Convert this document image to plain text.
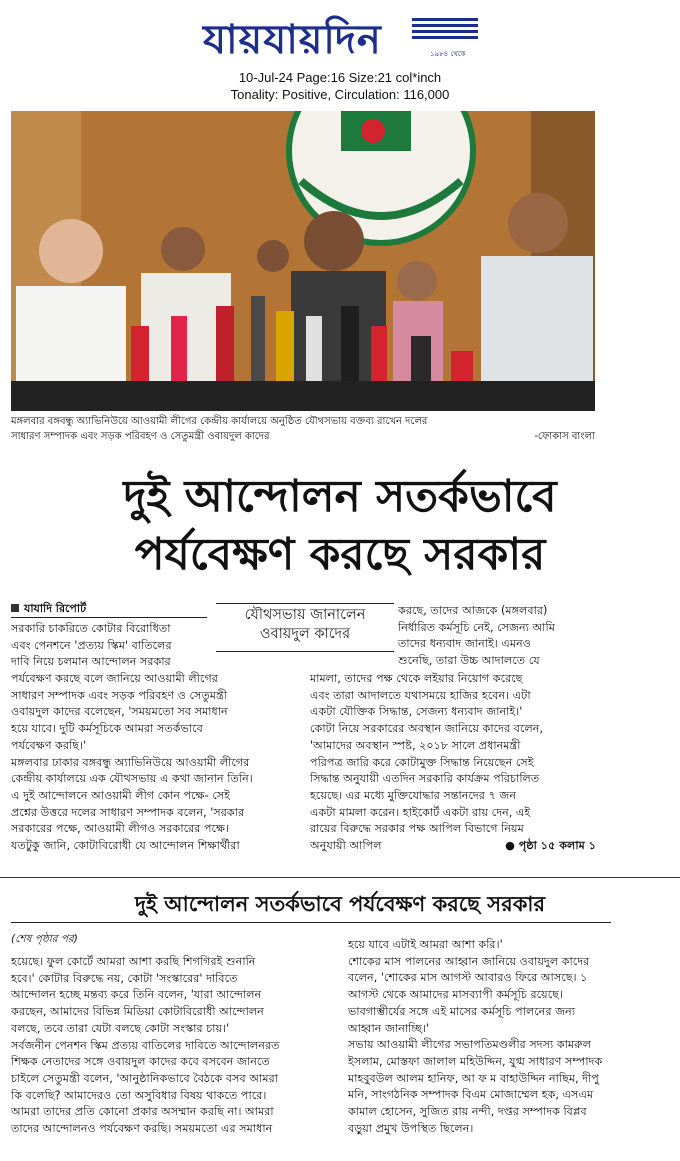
যায়যায়দিন	১৯৮৪ থেকে
10-Jul-24 Page:16 Size:21 col*inch
Tonality: Positive, Circulation: 116,000
মঙ্গলবার বঙ্গবন্ধু অ্যাভিনিউয়ে আওয়ামী লীগের কেন্দ্রীয় কার্যালয়ে অনুষ্ঠিত যৌথসভায় বক্তব্য রাখেন দলের
সাধারণ সম্পাদক এবং সড়ক পরিবহণ ও সেতুমন্ত্রী ওবায়দুল কাদের	-ফোকাস বাংলা
দুই আন্দোলন সতর্কভাবে
পর্যবেক্ষণ করছে সরকার
যাযাদি রিপোর্ট	যৌথসভায় জানালেন
ওবায়দুল কাদের
সরকারি চাকরিতে কোটার বিরোধিতা
এবং পেনশনে 'প্রত্যয় স্কিম' বাতিলের
দাবি নিয়ে চলমান আন্দোলন সরকার
পর্যবেক্ষণ করছে বলে জানিয়ে আওয়ামী লীগের
সাধারণ সম্পাদক এবং সড়ক পরিবহণ ও সেতুমন্ত্রী
ওবায়দুল কাদের বলেছেন, 'সময়মতো সব সমাধান
হয়ে যাবে। দুটি কর্মসূচিকে আমরা সতর্কভাবে
পর্যবেক্ষণ করছি।'
মঙ্গলবার ঢাকার বঙ্গবন্ধু অ্যাভিনিউয়ে আওয়ামী লীগের
কেন্দ্রীয় কার্যালয়ে এক যৌথসভায় এ কথা জানান তিনি।
এ দুই আন্দোলনে আওয়ামী লীগ কোন পক্ষে- সেই
প্রশ্নের উত্তরে দলের সাধারণ সম্পাদক বলেন, 'সরকার
সরকারের পক্ষে, আওয়ামী লীগও সরকারের পক্ষে।
যতটুকু জানি, কোটাবিরোধী যে আন্দোলন শিক্ষার্থীরা
করছে, তাদের আজকে (মঙ্গলবার)
নির্ধারিত কর্মসূচি নেই, সেজন্য আমি
তাদের ধন্যবাদ জানাই। এমনও
শুনেছি, তারা উচ্চ আদালতে যে
মামলা, তাদের পক্ষ থেকে লইয়ার নিয়োগ করেছে
এবং তারা আদালতে যথাসময়ে হাজির হবেন। এটা
একটা যৌক্তিক সিদ্ধান্ত, সেজন্য ধন্যবাদ জানাই।'
কোটা নিয়ে সরকারের অবস্থান জানিয়ে কাদের বলেন,
'আমাদের অবস্থান স্পষ্ট, ২০১৮ সালে প্রধানমন্ত্রী
পরিপত্র জারি করে কোটামুক্ত সিদ্ধান্ত নিয়েছেন সেই
সিদ্ধান্ত অনুযায়ী এতদিন সরকারি কার্যক্রম পরিচালিত
হয়েছে। এর মধ্যে মুক্তিযোদ্ধার সন্তানদের ৭ জন
একটা মামলা করেন। হাইকোর্ট একটা রায় দেন, এই
রায়ের বিরুদ্ধে সরকার পক্ষ আপিল বিভাগে নিয়ম
অনুযায়ী আপিল	● পৃষ্ঠা ১৫ কলাম ১
দুই আন্দোলন সতর্কভাবে পর্যবেক্ষণ করছে সরকার
(শেষ পৃষ্ঠার পর)
হয়েছে। ফুল কোর্টে আমরা আশা করছি শিগগিরই শুনানি
হবে।' কোটার বিরুদ্ধে নয়, কোটা 'সংস্কারের' দাবিতে
আন্দোলন হচ্ছে মন্তব্য করে তিনি বলেন, 'যারা আন্দোলন
করছেন, আমাদের বিভিন্ন মিডিয়া কোটাবিরোধী আন্দোলন
বলছে, তবে তারা যেটা বলছে কোটা সংস্কার চায়।'
সর্বজনীন পেনশন স্কিম প্রত্যয় বাতিলের দাবিতে আন্দোলনরত
শিক্ষক নেতাদের সঙ্গে ওবায়দুল কাদের কবে বসবেন জানতে
চাইলে সেতুমন্ত্রী বলেন, 'আনুষ্ঠানিকভাবে বৈঠকে বসব আমরা
কি বলেছি? আমাদেরও তো অসুবিধার বিষয় থাকতে পারে।
আমরা তাদের প্রতি কোনো প্রকার অসম্মান করছি না। আমরা
তাদের আন্দোলনও পর্যবেক্ষণ করছি। সময়মতো এর সমাধান
হয়ে যাবে এটাই আমরা আশা করি।'
শোকের মাস পালনের আহ্বান জানিয়ে ওবায়দুল কাদের
বলেন, 'শোকের মাস আগস্ট আবারও ফিরে আসছে। ১
আগস্ট থেকে আমাদের মাসব্যাপী কর্মসূচি রয়েছে।
ভাবগাম্ভীর্যের সঙ্গে এই মাসের কর্মসূচি পালনের জন্য
আহ্বান জানাচ্ছি।'
সভায় আওয়ামী লীগের সভাপতিমণ্ডলীর সদস্য কামরুল
ইসলাম, মোস্তফা জালাল মহিউদ্দিন, যুগ্ম সাধারণ সম্পাদক
মাহবুবউল আলম হানিফ, আ ফ ম বাহাউদ্দিন নাছিম, দীপু
মনি, সাংগঠনিক সম্পাদক বিএম মোজাম্মেল হক, এসএম
কামাল হোসেন, সুজিত রায় নন্দী, দপ্তর সম্পাদক বিপ্লব
বড়ুয়া প্রমুখ উপস্থিত ছিলেন।
